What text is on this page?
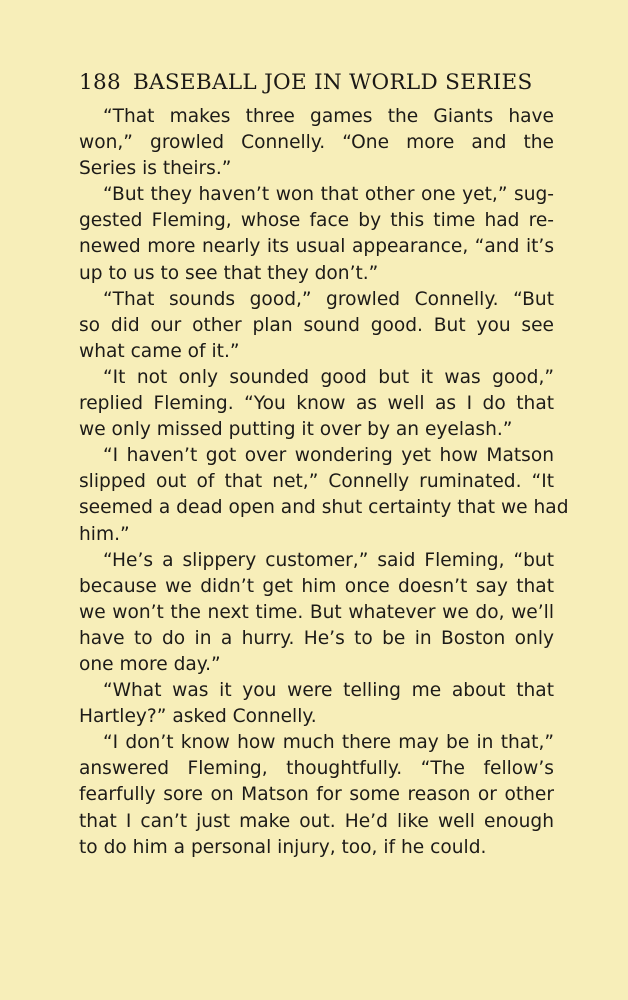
188 BASEBALL JOE IN WORLD SERIES
“That makes three games the Giants have
won,” growled Connelly. “One more and the
Series is theirs.”
“But they haven’t won that other one yet,” sug-
gested Fleming, whose face by this time had re-
newed more nearly its usual appearance, “and it’s
up to us to see that they don’t.”
“That sounds good,” growled Connelly. “But
so did our other plan sound good. But you see
what came of it.”
“It not only sounded good but it was good,”
replied Fleming. “You know as well as I do that
we only missed putting it over by an eyelash.”
“I haven’t got over wondering yet how Matson
slipped out of that net,” Connelly ruminated. “It
seemed a dead open and shut certainty that we had
him.”
“He’s a slippery customer,” said Fleming, “but
because we didn’t get him once doesn’t say that
we won’t the next time. But whatever we do, we’ll
have to do in a hurry. He’s to be in Boston only
one more day.”
“What was it you were telling me about that
Hartley?” asked Connelly.
“I don’t know how much there may be in that,”
answered Fleming, thoughtfully. “The fellow’s
fearfully sore on Matson for some reason or other
that I can’t just make out. He’d like well enough
to do him a personal injury, too, if he could.
